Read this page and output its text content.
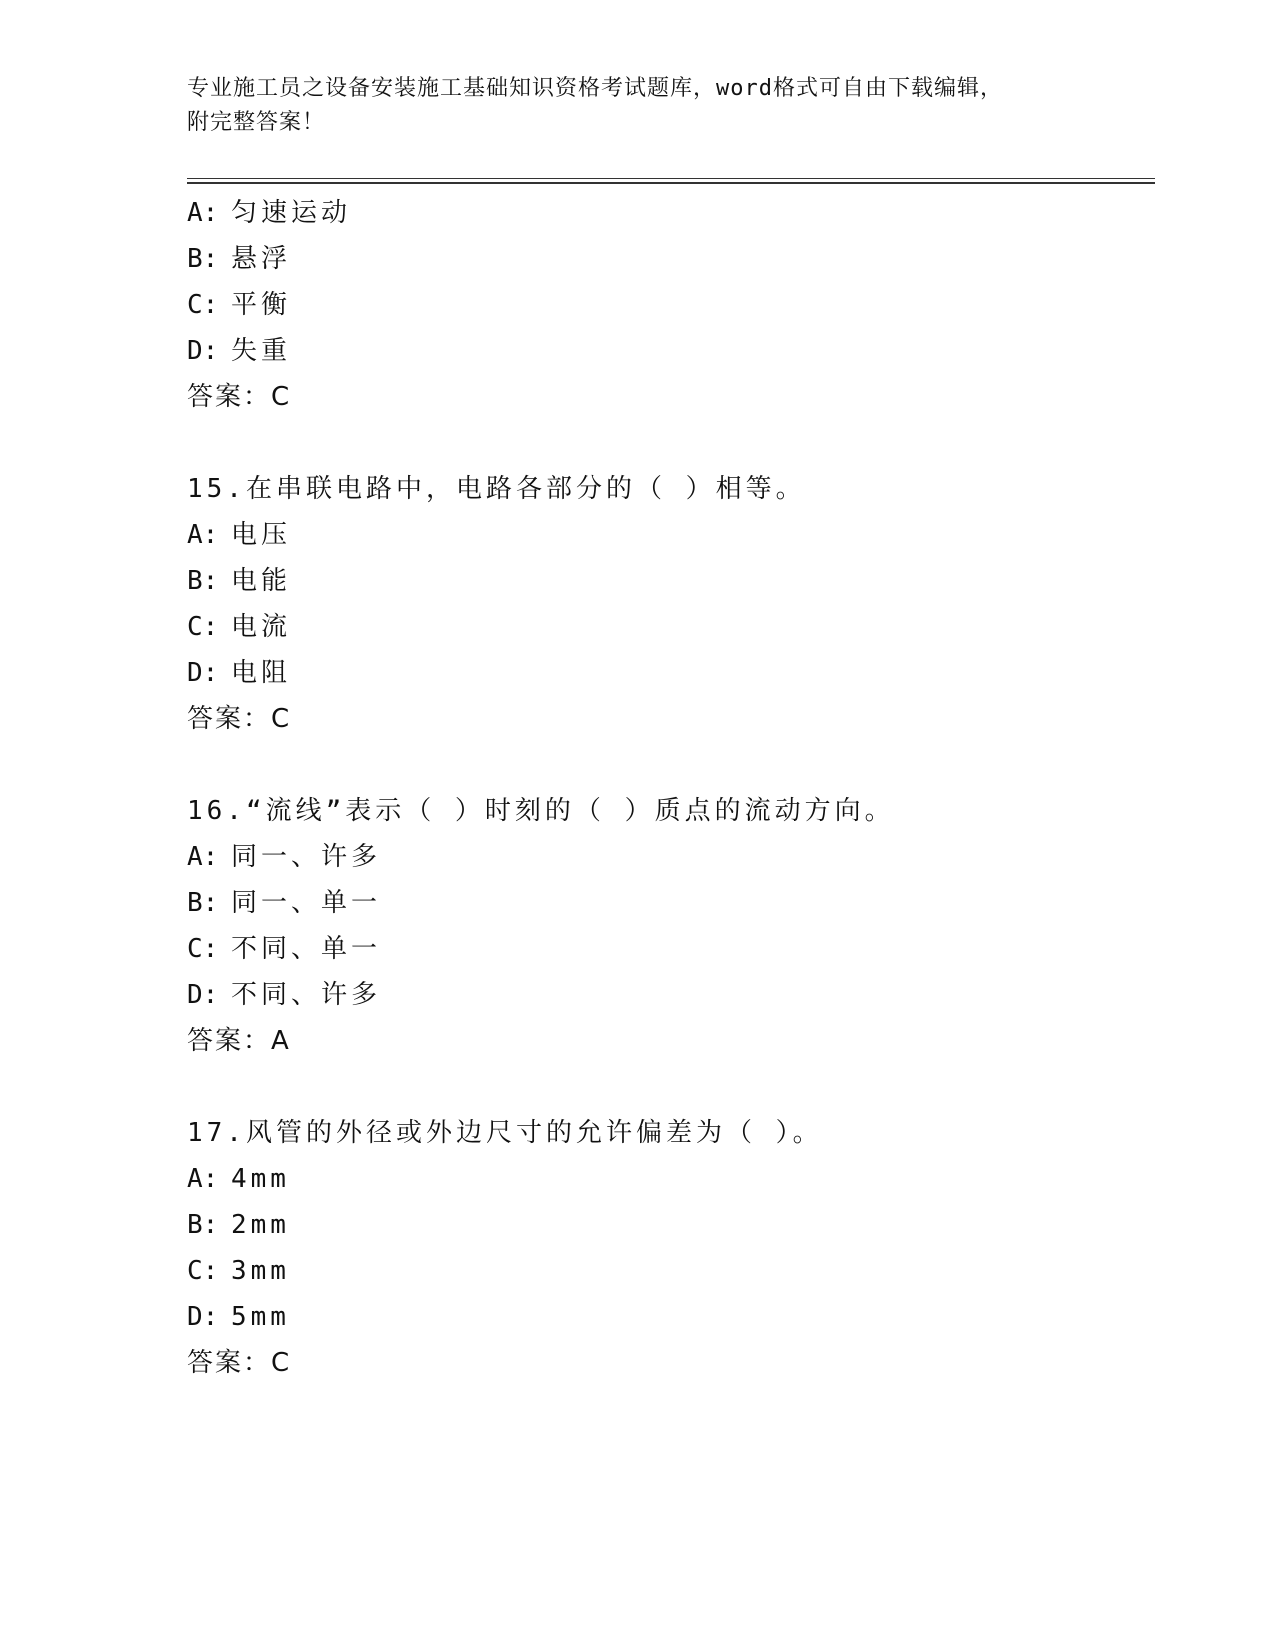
专业施工员之设备安装施工基础知识资格考试题库，word格式可自由下载编辑，
附完整答案！
A: 匀速运动
B: 悬浮
C: 平衡
D: 失重
答案：C
15.在串联电路中，电路各部分的（ ）相等。
A: 电压
B: 电能
C: 电流
D: 电阻
答案：C
16.“流线”表示（ ）时刻的（ ）质点的流动方向。
A: 同一、许多
B: 同一、单一
C: 不同、单一
D: 不同、许多
答案：A
17.风管的外径或外边尺寸的允许偏差为（ ）。
A: 4mm
B: 2mm
C: 3mm
D: 5mm
答案：C
